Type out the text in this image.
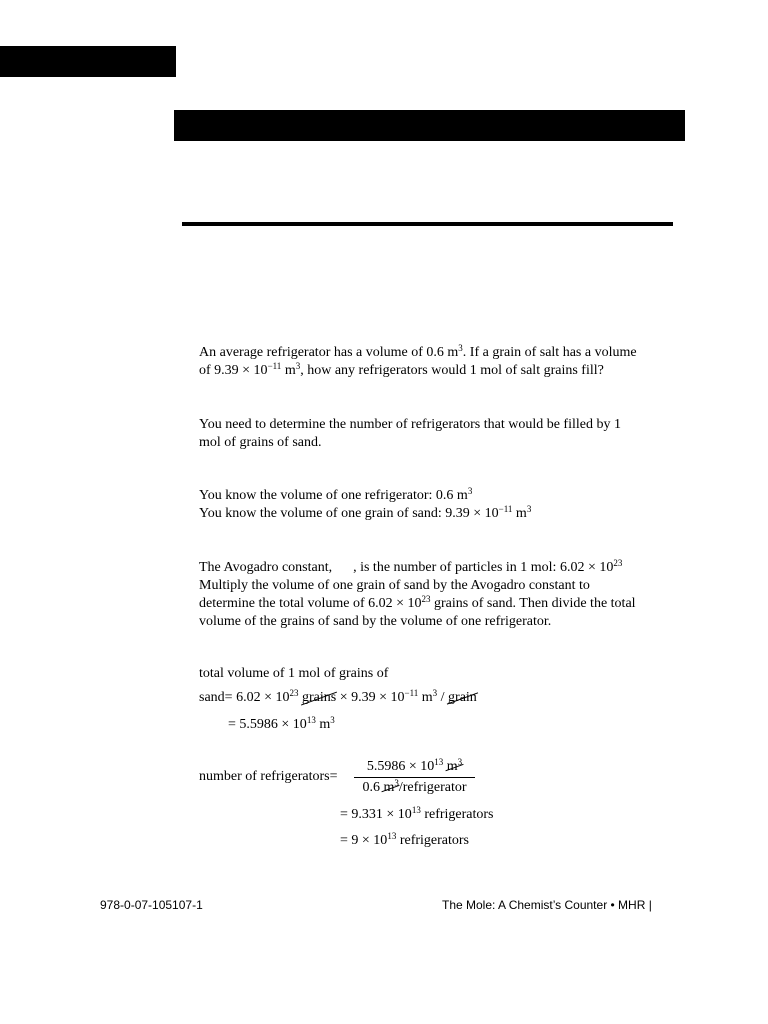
An average refrigerator has a volume of 0.6 $m^3$. If a grain of salt has a volume
of $9.39 \times 10^{-11}$ $m^3$, how any refrigerators would 1 mol of salt grains fill?

You need to determine the number of refrigerators that would be filled by 1
mol of grains of sand.

You know the volume of one refrigerator: 0.6 $m^3$
You know the volume of one grain of sand: $9.39 \times 10^{-11}$ $m^3$

The Avogadro constant,      , is the number of particles in 1 mol: $6.02 \times 10^{23}$
Multiply the volume of one grain of sand by the Avogadro constant to
determine the total volume of $6.02 \times 10^{23}$ grains of sand. Then divide the total
volume of the grains of sand by the volume of one refrigerator.

total volume of 1 mol of grains of
sand= $6.02 \times 10^{23}$ grains × $9.39 \times 10^{-11}$ $m^3$ / grain
= $5.5986 \times 10^{13}$ $m^3$
number of refrigerators=
$5.5986 \times 10^{13}$ $m^3$
0.6 $m^3$/refrigerator
= $9.331 \times 10^{13}$ refrigerators
= $9 \times 10^{13}$ refrigerators
978-0-07-105107-1	The Mole: A Chemist’s Counter • MHR |
